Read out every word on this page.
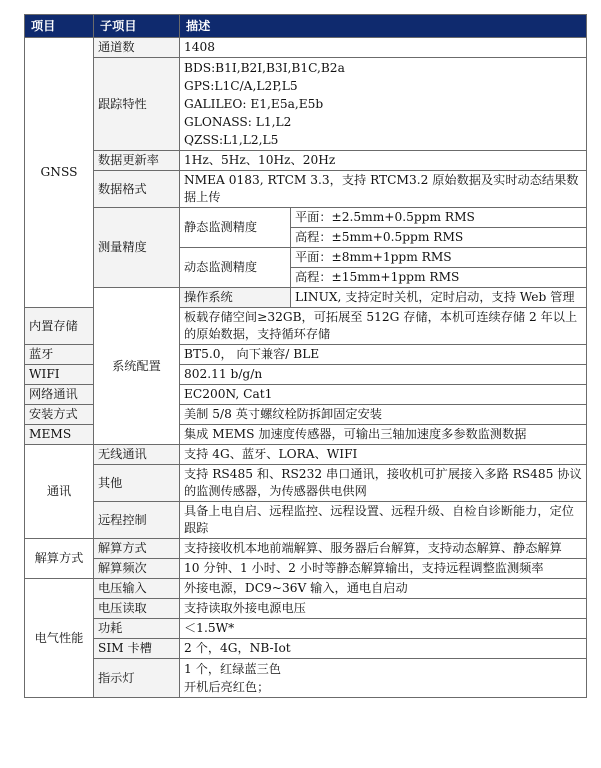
项目	子项目	描述	
GNSS	通道数	1408	
	跟踪特性	BDS:B1I,B2I,B3I,B1C,B2a
GPS:L1C/A,L2P,L5
GALILEO: E1,E5a,E5b
GLONASS: L1,L2
QZSS:L1,L2,L5	

	数据更新率	1Hz、5Hz、10Hz、20Hz	
	数据格式	NMEA 0183, RTCM 3.3，支持 RTCM3.2 原始数据及实时动态结果数据上传	
	测量精度	静态监测精度	平面：±2.5mm+0.5ppm RMS
			高程：±5mm+0.5ppm RMS
		动态监测精度	平面：±8mm+1ppm RMS
			高程：±15mm+1ppm RMS
	系统配置	操作系统	LINUX, 支持定时关机，定时启动，支持 Web 管理
内置存储		板载存储空间≥32GB，可拓展至 512G 存储，本机可连续存储 2 年以上的原始数据，支持循环存储	
蓝牙		BT5.0， 向下兼容/ BLE	
WIFI		802.11 b/g/n	
网络通讯		EC200N, Cat1	
安装方式		美制 5/8 英寸螺纹栓防拆卸固定安装	
MEMS		集成 MEMS 加速度传感器，可输出三轴加速度多参数监测数据	
通讯	无线通讯	支持 4G、蓝牙、LORA、WIFI	
	其他	支持 RS485 和、RS232 串口通讯，接收机可扩展接入多路 RS485 协议的监测传感器，为传感器供电供网	
	远程控制	具备上电自启、远程监控、远程设置、远程升级、自检自诊断能力，定位跟踪	
解算方式	解算方式	支持接收机本地前端解算、服务器后台解算，支持动态解算、静态解算	
	解算频次	10 分钟、1 小时、2 小时等静态解算输出，支持远程调整监测频率	
电气性能	电压输入	外接电源，DC9~36V 输入，通电自启动	
	电压读取	支持读取外接电源电压	
	功耗	＜1.5W*	
	SIM 卡槽	2 个，4G，NB-Iot	
	指示灯	1 个，红绿蓝三色
开机后亮红色；	
